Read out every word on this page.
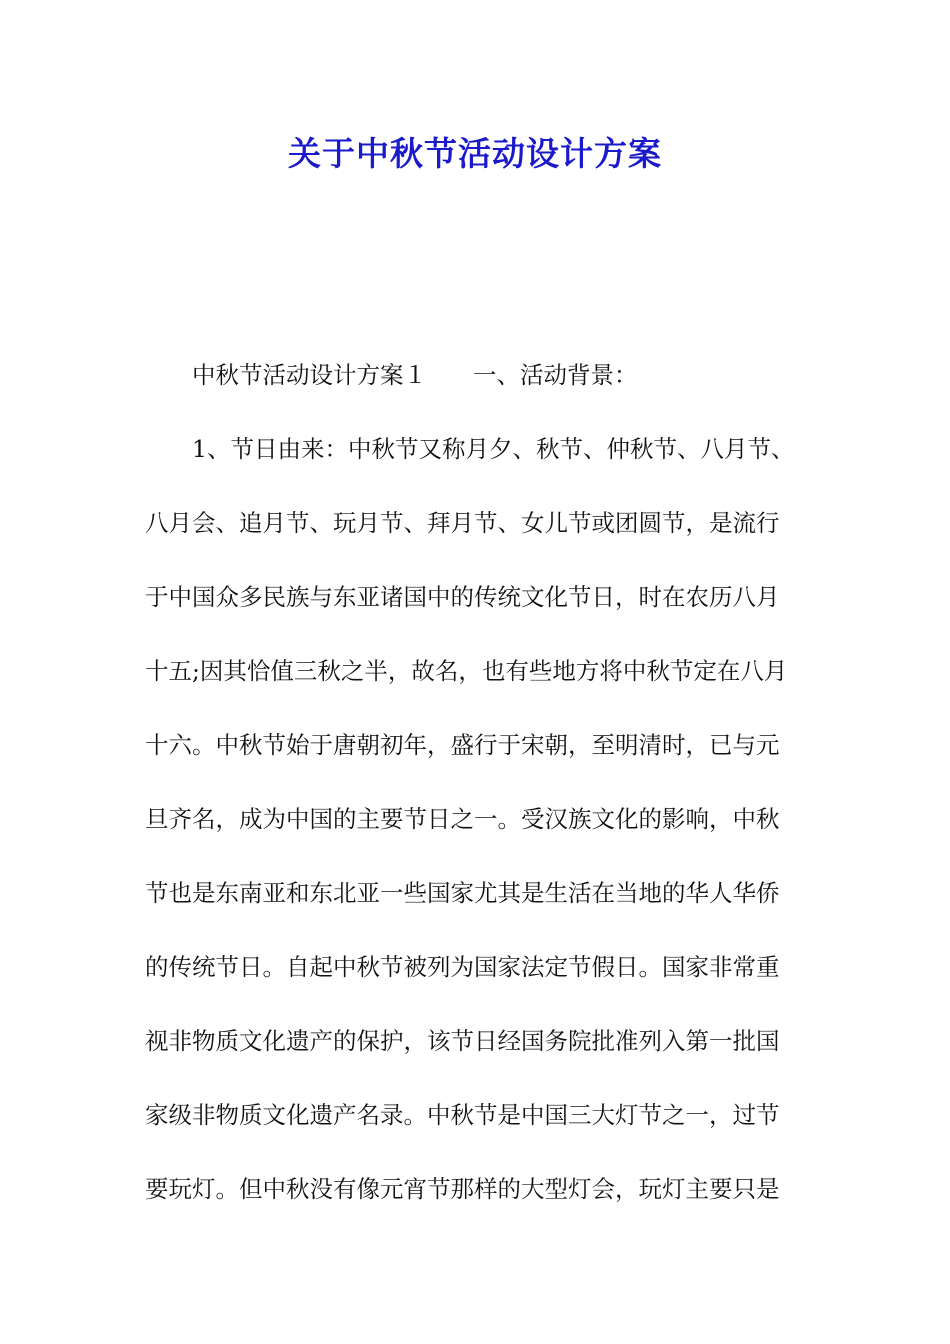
关于中秋节活动设计方案
中秋节活动设计方案１ 一、活动背景：
1、节日由来：中秋节又称月夕、秋节、仲秋节、八月节、
八月会、追月节、玩月节、拜月节、女儿节或团圆节，是流行
于中国众多民族与东亚诸国中的传统文化节日，时在农历八月
十五;因其恰值三秋之半，故名，也有些地方将中秋节定在八月
十六。中秋节始于唐朝初年，盛行于宋朝，至明清时，已与元
旦齐名，成为中国的主要节日之一。受汉族文化的影响，中秋
节也是东南亚和东北亚一些国家尤其是生活在当地的华人华侨
的传统节日。自起中秋节被列为国家法定节假日。国家非常重
视非物质文化遗产的保护，该节日经国务院批准列入第一批国
家级非物质文化遗产名录。中秋节是中国三大灯节之一，过节
要玩灯。但中秋没有像元宵节那样的大型灯会，玩灯主要只是
